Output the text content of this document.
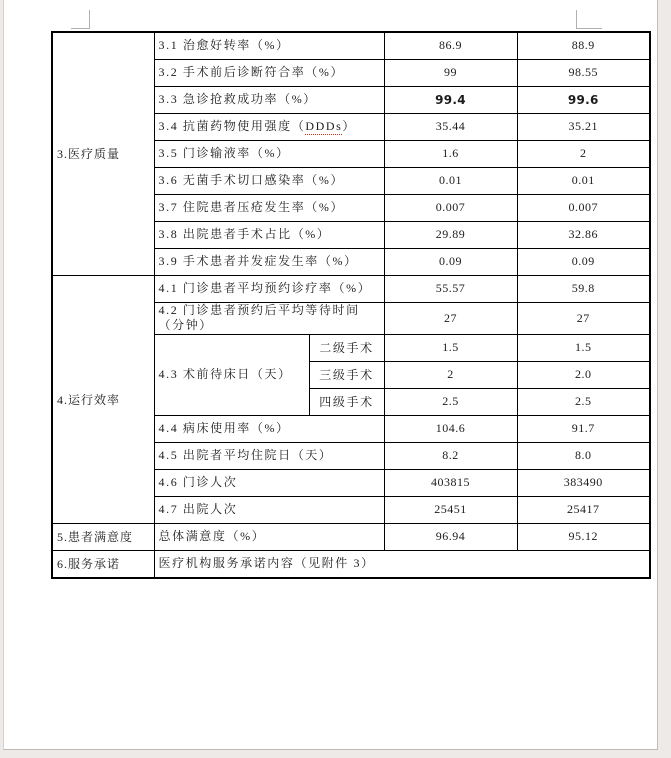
3.医疗质量	3.1 治愈好转率（%）		86.9	88.9
	3.2 手术前后诊断符合率（%）		99	98.55
	3.3 急诊抢救成功率（%）		99.4	99.6
	3.4 抗菌药物使用强度（DDDs）		35.44	35.21
	3.5 门诊输液率（%）		1.6	2
	3.6 无菌手术切口感染率（%）		0.01	0.01
	3.7 住院患者压疮发生率（%）		0.007	0.007
	3.8 出院患者手术占比（%）		29.89	32.86
	3.9 手术患者并发症发生率（%）		0.09	0.09
4.运行效率	4.1 门诊患者平均预约诊疗率（%）		55.57	59.8
	4.2 门诊患者预约后平均等待时间（分钟）		27	27
	4.3 术前待床日（天）	二级手术	1.5	1.5
		三级手术	2	2.0
		四级手术	2.5	2.5
	4.4 病床使用率（%）		104.6	91.7
	4.5 出院者平均住院日（天）		8.2	8.0
	4.6 门诊人次		403815	383490
	4.7 出院人次		25451	25417
5.患者满意度	总体满意度（%）		96.94	95.12
6.服务承诺	医疗机构服务承诺内容（见附件 3）			
